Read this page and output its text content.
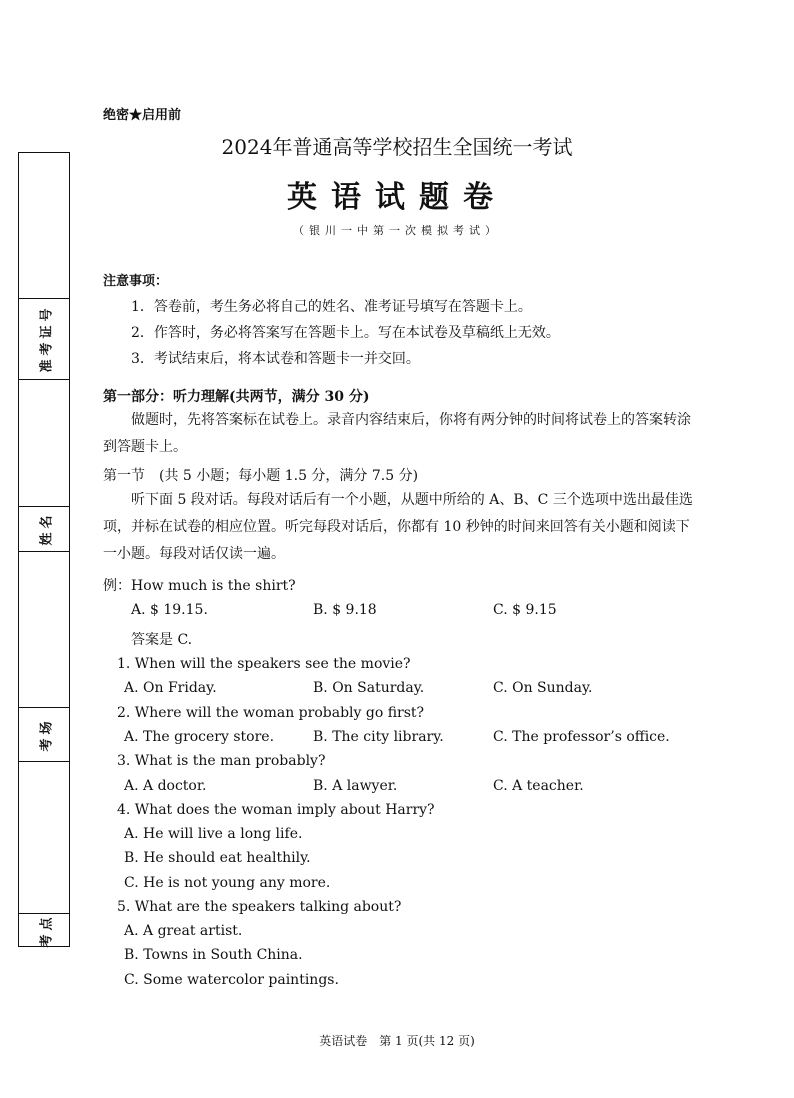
准考证号
姓名
考场
考点
绝密★启用前
2024年普通高等学校招生全国统一考试
英语试题卷
（银川一中第一次模拟考试）
注意事项：
1．答卷前，考生务必将自己的姓名、准考证号填写在答题卡上。
2．作答时，务必将答案写在答题卡上。写在本试卷及草稿纸上无效。
3．考试结束后，将本试卷和答题卡一并交回。
第一部分：听力理解(共两节，满分 30 分)
做题时，先将答案标在试卷上。录音内容结束后，你将有两分钟的时间将试卷上的答案转涂到答题卡上。
第一节　(共 5 小题；每小题 1.5 分，满分 7.5 分)
听下面 5 段对话。每段对话后有一个小题，从题中所给的 A、B、C 三个选项中选出最佳选项，并标在试卷的相应位置。听完每段对话后，你都有 10 秒钟的时间来回答有关小题和阅读下一小题。每段对话仅读一遍。
例：How much is the shirt?
A. $ 19.15.	B. $ 9.18	C. $ 9.15
答案是 C.
1. When will the speakers see the movie?
A. On Friday.	B. On Saturday.	C. On Sunday.
2. Where will the woman probably go first?
A. The grocery store.	B. The city library.	C. The professor’s office.
3. What is the man probably?
A. A doctor.	B. A lawyer.	C. A teacher.
4. What does the woman imply about Harry?
A. He will live a long life.
B. He should eat healthily.
C. He is not young any more.
5. What are the speakers talking about?
A. A great artist.
B. Towns in South China.
C. Some watercolor paintings.
英语试卷　第 1 页(共 12 页)
